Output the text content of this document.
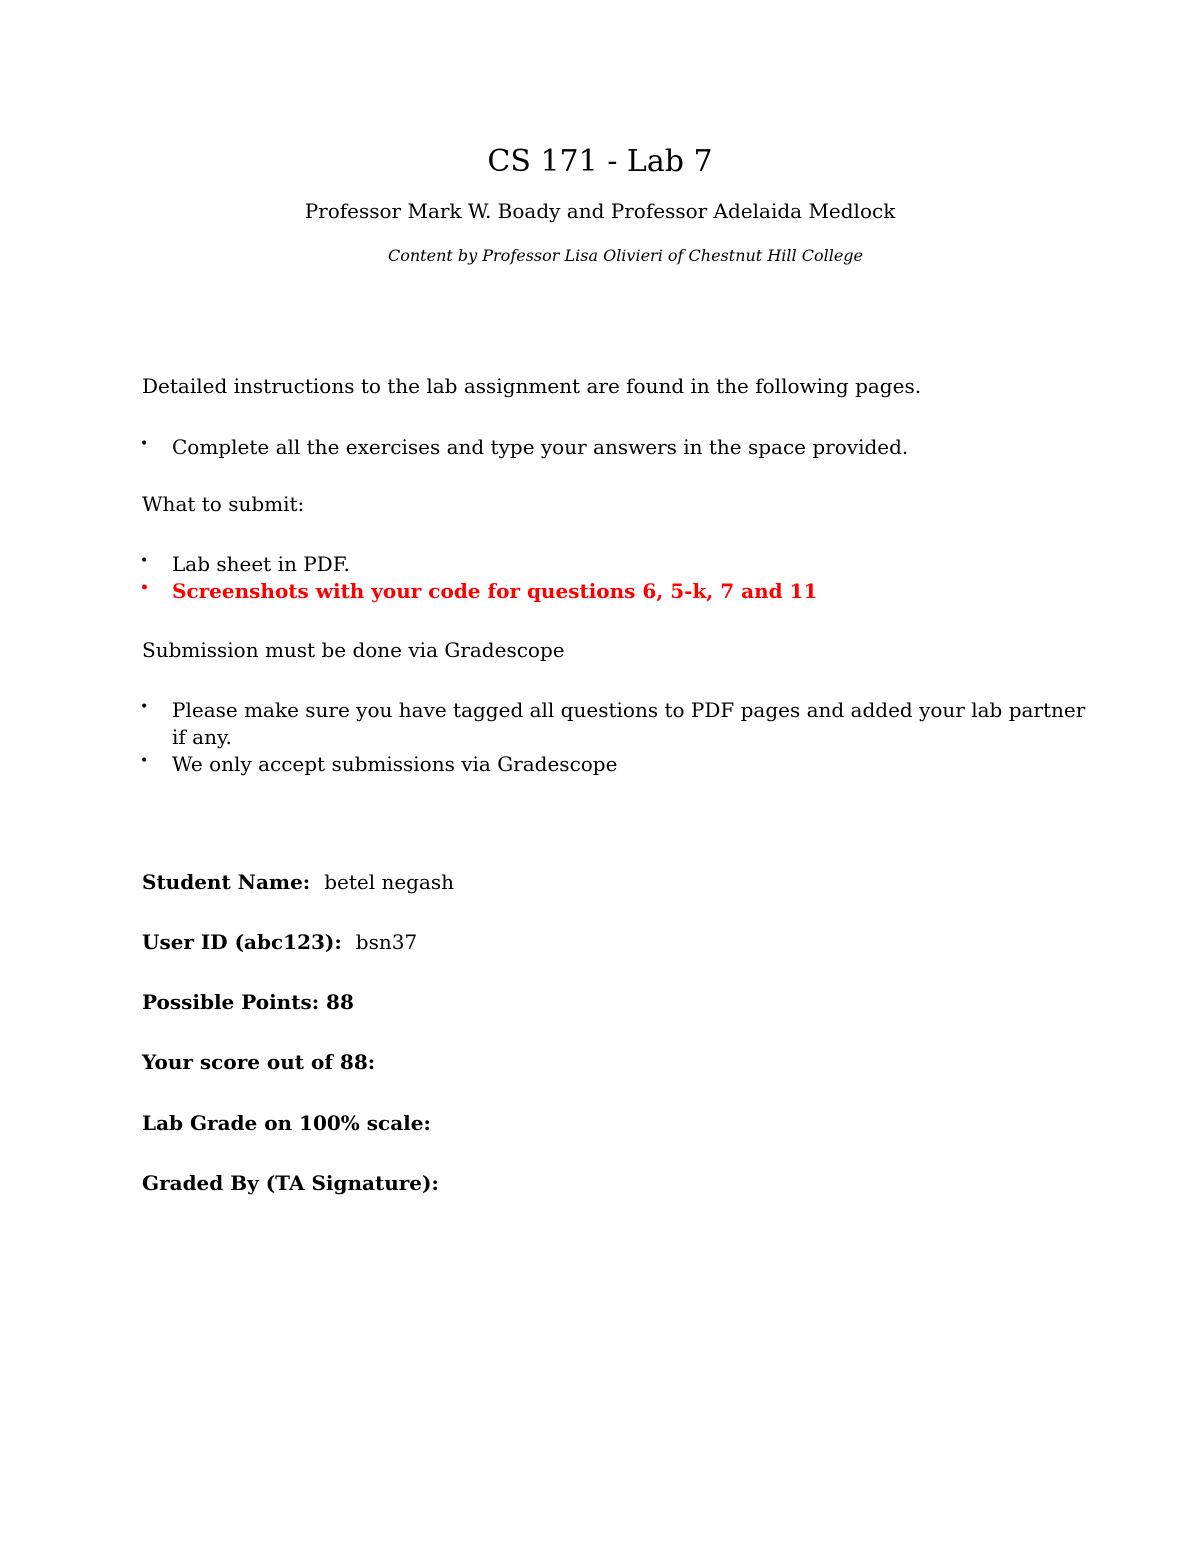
CS 171 - Lab 7
Professor Mark W. Boady and Professor Adelaida Medlock
Content by Professor Lisa Olivieri of Chestnut Hill College
Detailed instructions to the lab assignment are found in the following pages.
• Complete all the exercises and type your answers in the space provided.
What to submit:
• Lab sheet in PDF.
• Screenshots with your code for questions 6, 5-k, 7 and 11
Submission must be done via Gradescope
• Please make sure you have tagged all questions to PDF pages and added your lab partner if any.
• We only accept submissions via Gradescope
Student Name: betel negash
User ID (abc123): bsn37
Possible Points: 88
Your score out of 88:
Lab Grade on 100% scale:
Graded By (TA Signature):
